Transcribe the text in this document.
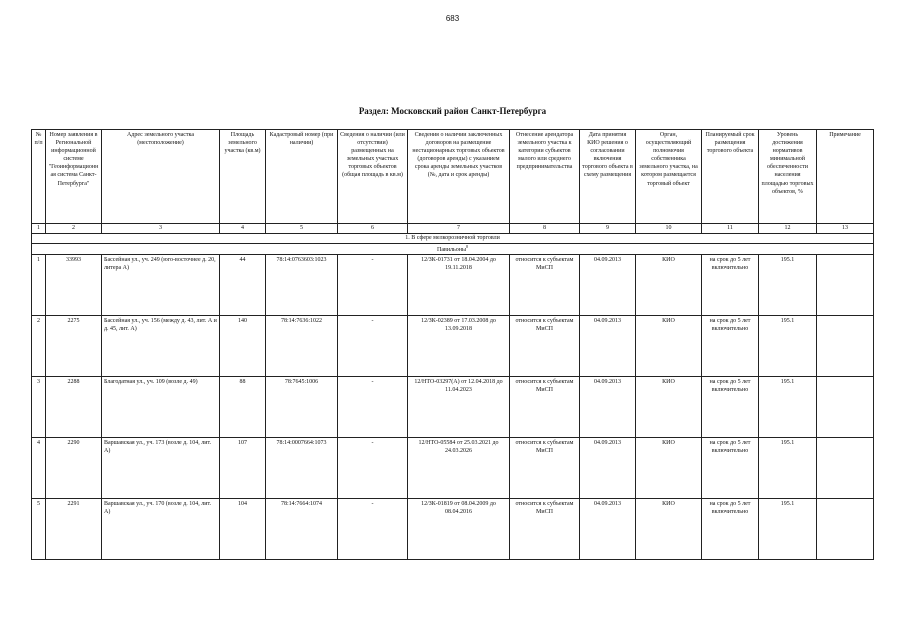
683
Раздел: Московский район Санкт-Петербурга
№ п/п	Номер заявления в Региональной информационной системе "Геоинформационная система Санкт-Петербурга"	Адрес земельного участка (местоположение)	Площадь земельного участка (кв.м)	Кадастровый номер (при наличии)	Сведения о наличии (или отсутствии) размещенных на земельных участках торговых объектов (общая площадь в кв.м)	Сведения о наличии заключенных договоров на размещение нестационарных торговых объектов (договоров аренды) с указанием срока аренды земельных участков (№, дата и срок аренды)	Отнесение арендатора земельного участка к категории субъектов малого или среднего предпринимательства	Дата принятия КИО решения о согласовании включения торгового объекта в схему размещения	Орган, осуществляющий полномочия собственника земельного участка, на котором размещается торговый объект	Планируемый срок размещения торгового объекта	Уровень достижения нормативов минимальной обеспеченности населения площадью торговых объектов, %	Примечание
1	2	3	4	5	6	7	8	9	10	11	12	13
1. В сфере мелкорозничной торговли												
Павильоны$^8$
1	33993	Бассейная ул., уч. 249 (юго-восточнее д. 20, литера А)	44	78:14:0763603:1023	-	12/ЗК-01731 от 18.04.2004 до 19.11.2018	относится к субъектам МиСП	04.09.2013	КИО	на срок до 5 лет включительно	195.1	
2	2275	Бассейная ул., уч. 156 (между д. 43, лит. А и д. 45, лит. А)	140	78:14:7636:1022	-	12/ЗК-02389 от 17.03.2008 до 13.09.2018	относится к субъектам МиСП	04.09.2013	КИО	на срок до 5 лет включительно	195.1	
3	2288	Благодатная ул., уч. 109 (возле д. 49)	88	78:7645:1006	-	12/НТО-03297(А) от 12.04.2018 до 11.04.2023	относится к субъектам МиСП	04.09.2013	КИО	на срок до 5 лет включительно	195.1	
4	2290	Варшавская ул., уч. 173 (возле д. 104, лит. А)	107	78:14:0007664:1073	-	12/НТО-05584 от 25.03.2021 до 24.03.2026	относится к субъектам МиСП	04.09.2013	КИО	на срок до 5 лет включительно	195.1	
5	2291	Варшавская ул., уч. 170 (возле д. 104, лит. А)	104	78:14:7664:1074	-	12/ЗК-01819 от 08.04.2009 до 08.04.2016	относится к субъектам МиСП	04.09.2013	КИО	на срок до 5 лет включительно	195.1	
